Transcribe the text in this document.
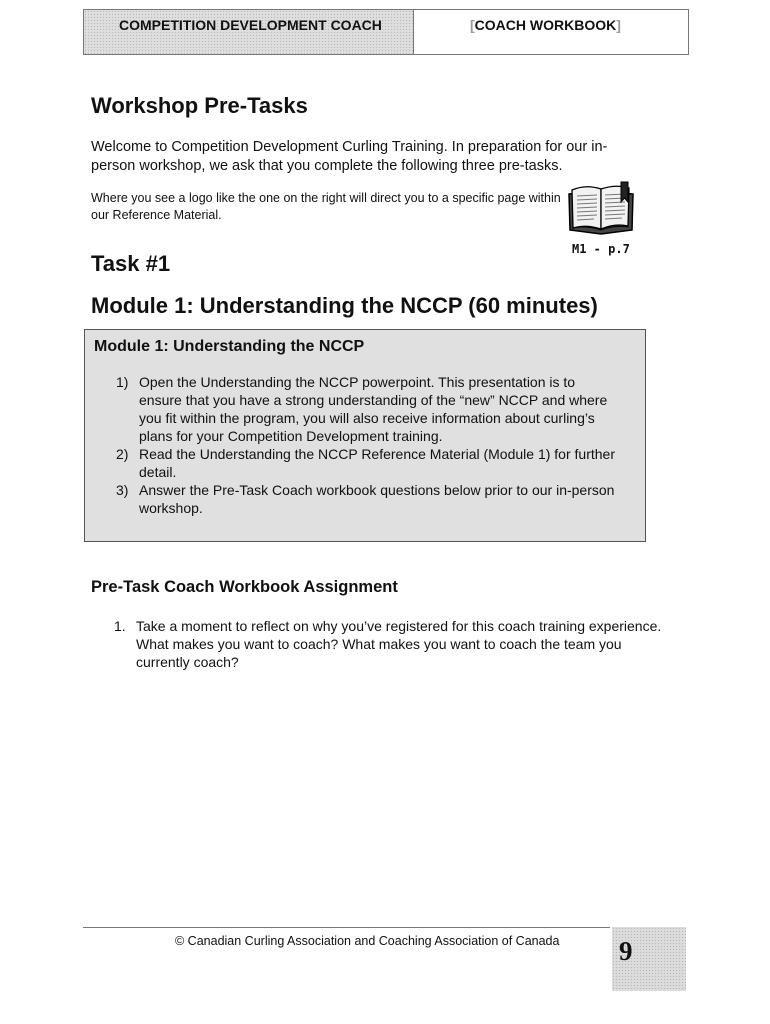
COMPETITION DEVELOPMENT COACH	[COACH WORKBOOK]
Workshop Pre-Tasks

Welcome to Competition Development Curling Training. In preparation for our in-person workshop, we ask that you complete the following three pre-tasks.

Where you see a logo like the one on the right will direct you to a specific page within our Reference Material.

M1 - p.7
Task #1
Module 1: Understanding the NCCP (60 minutes)
Module 1: Understanding the NCCP
1) Open the Understanding the NCCP powerpoint. This presentation is to ensure that you have a strong understanding of the “new” NCCP and where you fit within the program, you will also receive information about curling’s plans for your Competition Development training.
2) Read the Understanding the NCCP Reference Material (Module 1) for further detail.
3) Answer the Pre-Task Coach workbook questions below prior to our in-person workshop.
Pre-Task Coach Workbook Assignment
1. Take a moment to reflect on why you’ve registered for this coach training experience. What makes you want to coach? What makes you want to coach the team you currently coach?
© Canadian Curling Association and Coaching Association of Canada 9
